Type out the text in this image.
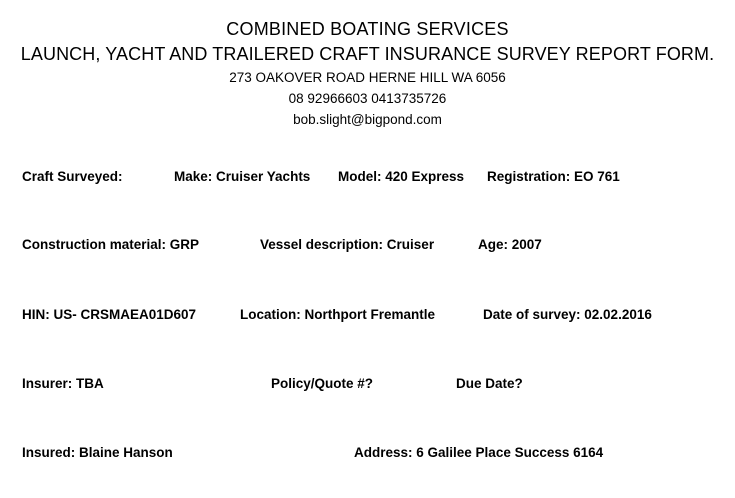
COMBINED BOATING SERVICES
LAUNCH, YACHT AND TRAILERED CRAFT INSURANCE SURVEY REPORT FORM.
273 OAKOVER ROAD HERNE HILL WA 6056
08 92966603 0413735726
bob.slight@bigpond.com
Craft Surveyed:	Make: Cruiser Yachts Model: 420 Express Registration: EO 761
Construction material: GRP	Vessel description: Cruiser	Age: 2007
HIN: US- CRSMAEA01D607	Location: Northport Fremantle	Date of survey: 02.02.2016
Insurer: TBA	Policy/Quote #?	Due Date?
Insured: Blaine Hanson	Address: 6 Galilee Place Success 6164
